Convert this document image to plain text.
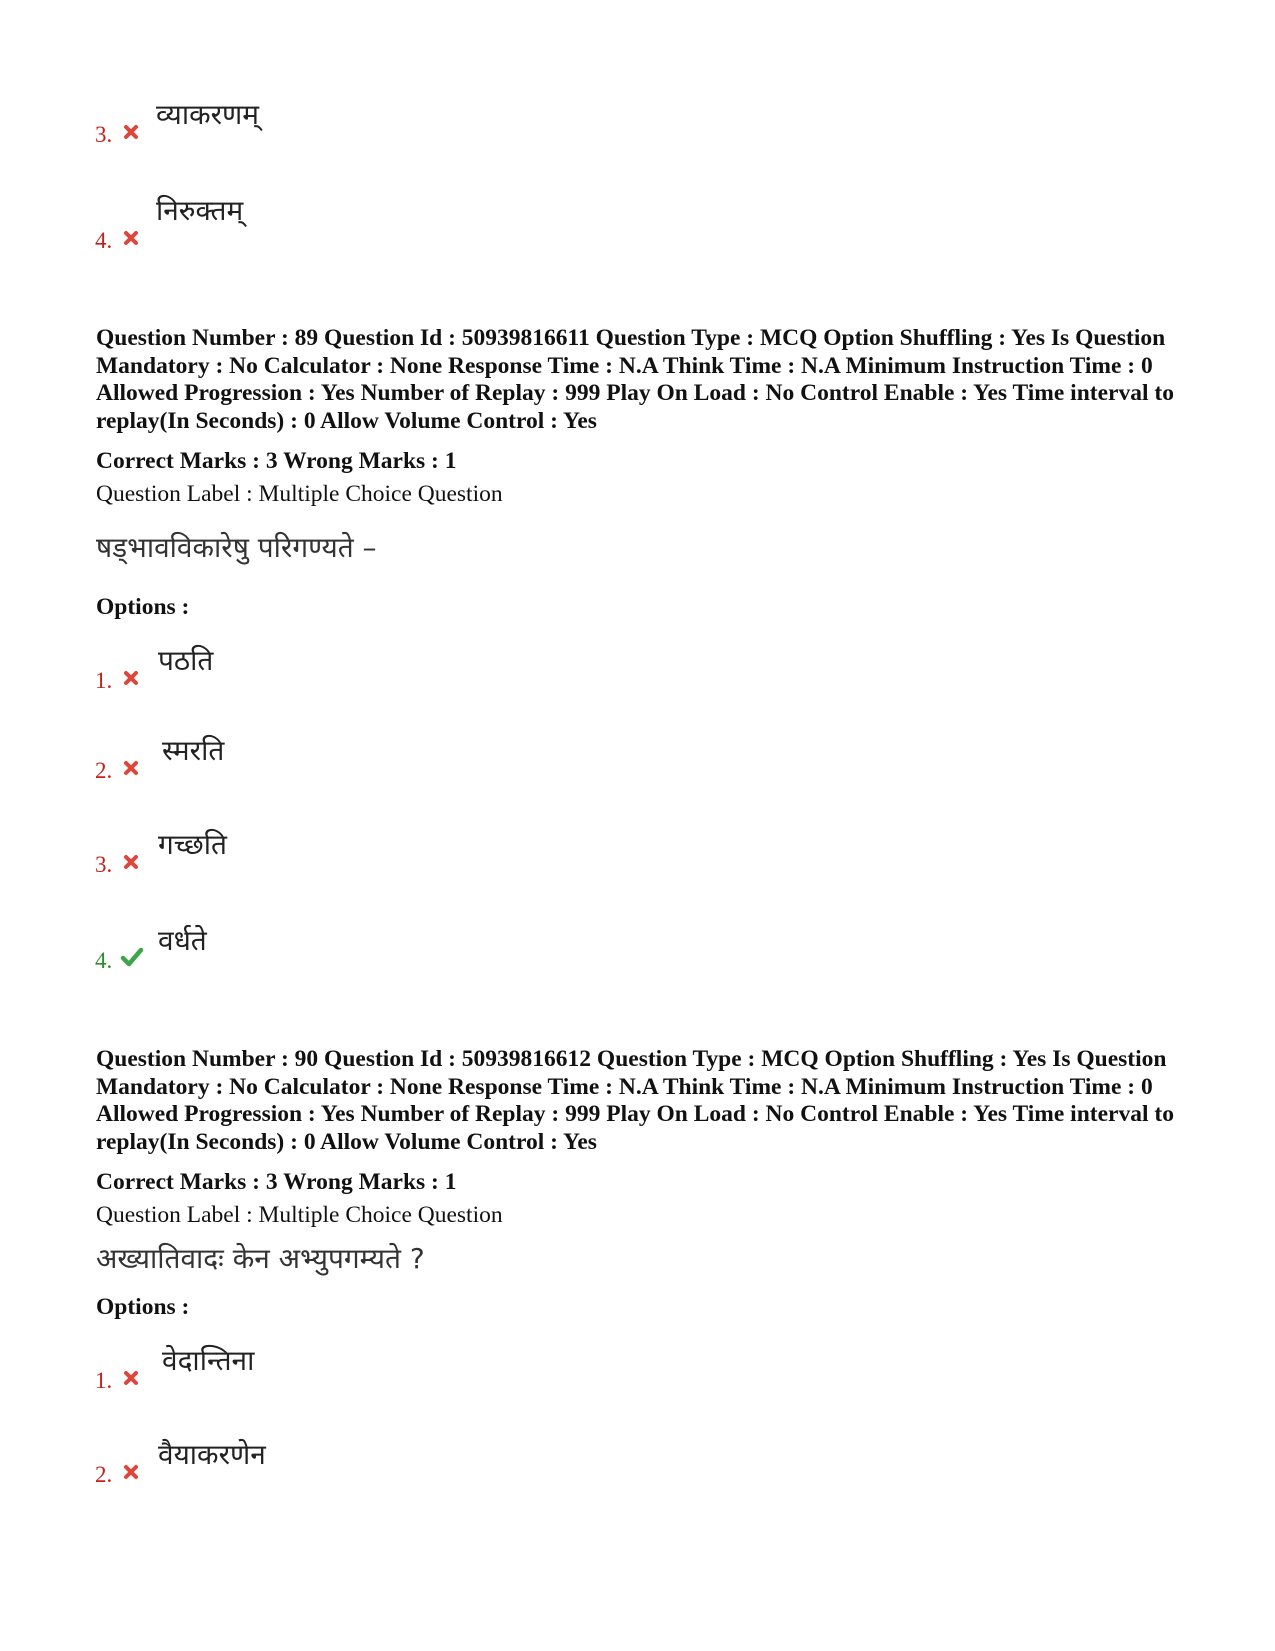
3.
व्याकरणम्
4.
निरुक्तम्
Question Number : 89 Question Id : 50939816611 Question Type : MCQ Option Shuffling : Yes Is Question Mandatory : No Calculator : None Response Time : N.A Think Time : N.A Minimum Instruction Time : 0 Allowed Progression : Yes Number of Replay : 999 Play On Load : No Control Enable : Yes Time interval to replay(In Seconds) : 0 Allow Volume Control : Yes
Correct Marks : 3 Wrong Marks : 1
Question Label : Multiple Choice Question
षड्भावविकारेषु परिगण्यते –
Options :
1.
पठति
2.
स्मरति
3.
गच्छति
4.
वर्धते
Question Number : 90 Question Id : 50939816612 Question Type : MCQ Option Shuffling : Yes Is Question Mandatory : No Calculator : None Response Time : N.A Think Time : N.A Minimum Instruction Time : 0 Allowed Progression : Yes Number of Replay : 999 Play On Load : No Control Enable : Yes Time interval to replay(In Seconds) : 0 Allow Volume Control : Yes
Correct Marks : 3 Wrong Marks : 1
Question Label : Multiple Choice Question
अख्यातिवादः केन अभ्युपगम्यते ?
Options :
1.
वेदान्तिना
2.
वैयाकरणेन
